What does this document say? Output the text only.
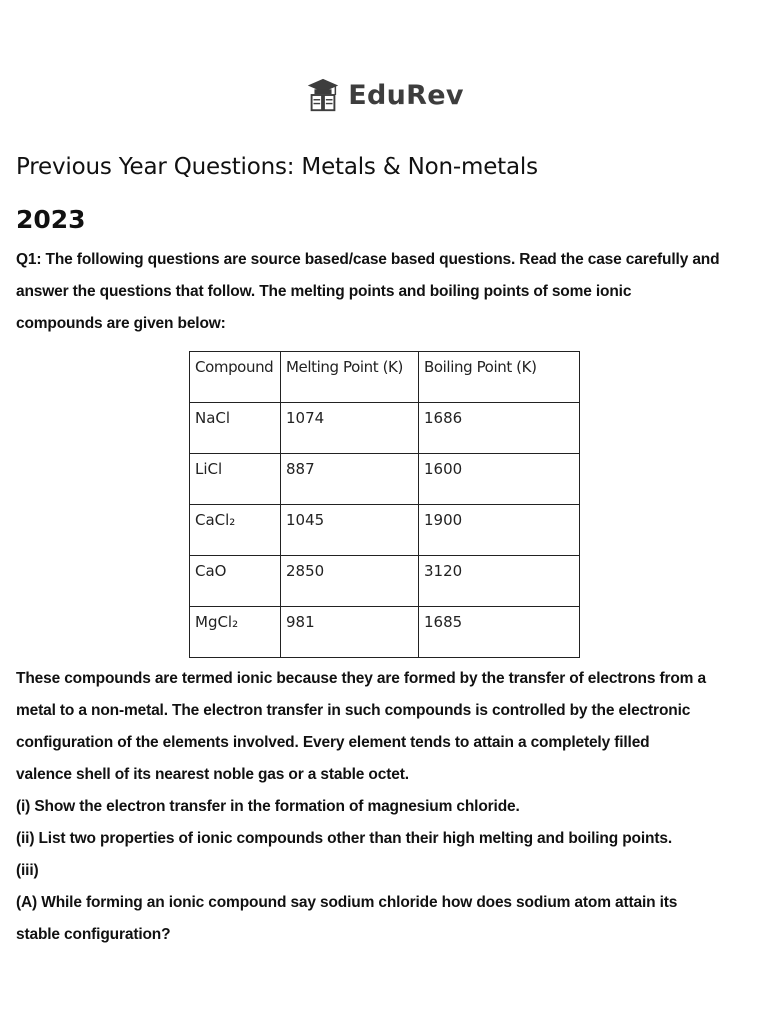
EduRev
Previous Year Questions: Metals & Non-metals
2023
Q1: The following questions are source based/case based questions. Read the case carefully and
answer the questions that follow. The melting points and boiling points of some ionic
compounds are given below:
Compound	Melting Point (K)	Boiling Point (K)
NaCl	1074	1686
LiCl	887	1600
CaCl₂	1045	1900
CaO	2850	3120
MgCl₂	981	1685
These compounds are termed ionic because they are formed by the transfer of electrons from a
metal to a non-metal. The electron transfer in such compounds is controlled by the electronic
configuration of the elements involved. Every element tends to attain a completely filled
valence shell of its nearest noble gas or a stable octet.
(i) Show the electron transfer in the formation of magnesium chloride.
(ii) List two properties of ionic compounds other than their high melting and boiling points.
(iii)
(A) While forming an ionic compound say sodium chloride how does sodium atom attain its
stable configuration?
